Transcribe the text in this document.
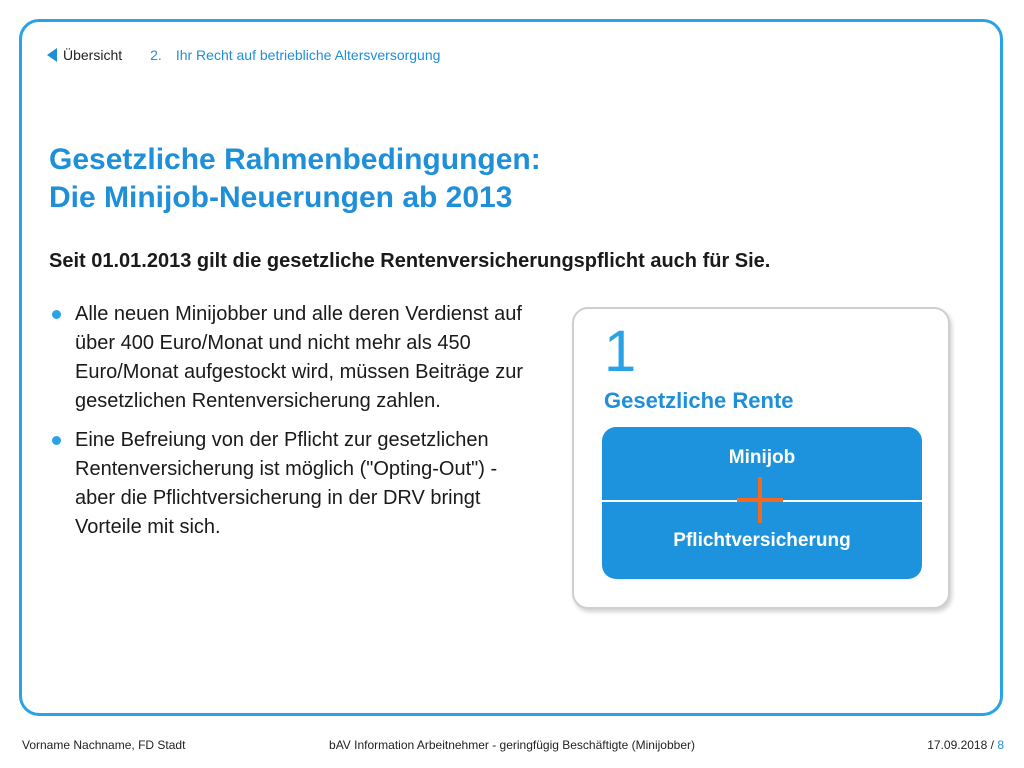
Übersicht 2. Ihr Recht auf betriebliche Altersversorgung
Gesetzliche Rahmenbedingungen:
Die Minijob-Neuerungen ab 2013

Seit 01.01.2013 gilt die gesetzliche Rentenversicherungspflicht auch für Sie.

Alle neuen Minijobber und alle deren Verdienst auf über 400 Euro/Monat und nicht mehr als 450 Euro/Monat aufgestockt wird, müssen Beiträge zur gesetzlichen Rentenversicherung zahlen.
Eine Befreiung von der Pflicht zur gesetzlichen Rentenversicherung ist möglich ("Opting-Out") - aber die Pflichtversicherung in der DRV bringt Vorteile mit sich.
1
Gesetzliche Rente
Minijob
Pflichtversicherung
Vorname Nachname, FD Stadt	bAV Information Arbeitnehmer - geringfügig Beschäftigte (Minijobber)	17.09.2018 / 8
